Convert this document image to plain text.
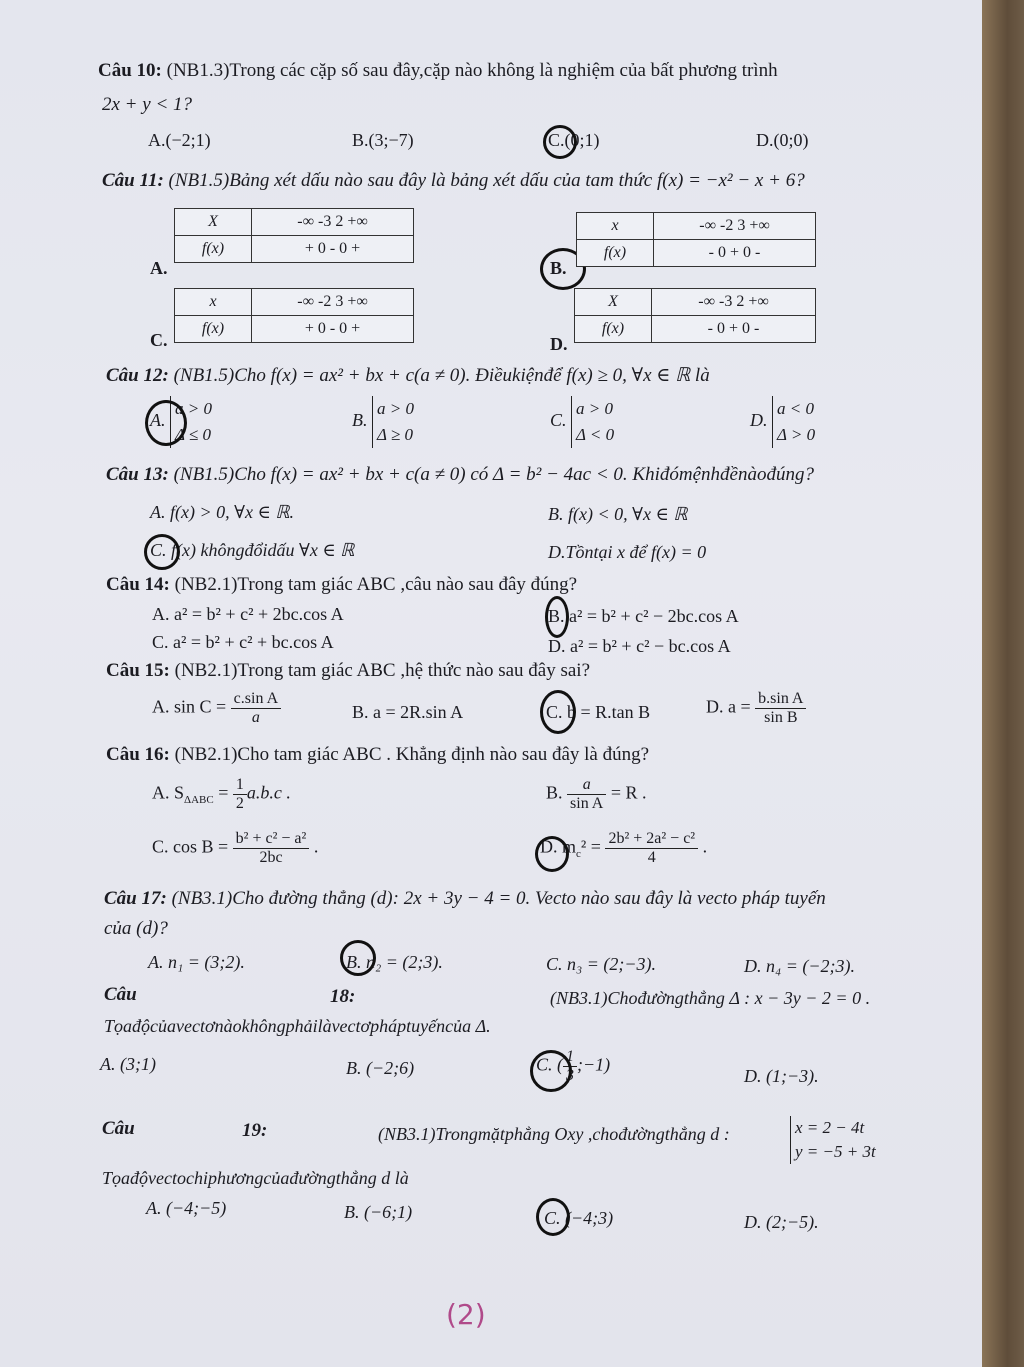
Câu 10: (NB1.3)Trong các cặp số sau đây,cặp nào không là nghiệm của bất phương trình
2x + y < 1?
A.(−2;1)	B.(3;−7)	C.(0;1)	D.(0;0)
Câu 11: (NB1.5)Bảng xét dấu nào sau đây là bảng xét dấu của tam thức f(x) = −x² − x + 6?
A.
X	-∞ -3 2 +∞
f(x)	+ 0 - 0 +
B.
x	-∞ -2 3 +∞
f(x)	- 0 + 0 -
C.
x	-∞ -2 3 +∞
f(x)	+ 0 - 0 +
D.
X	-∞ -3 2 +∞
f(x)	- 0 + 0 -
Câu 12: (NB1.5)Cho f(x) = ax² + bx + c(a ≠ 0). Điềukiệnđể f(x) ≥ 0, ∀x ∈ ℝ là
A. a > 0
Δ ≤ 0
B. a > 0
Δ ≥ 0
C. a > 0
Δ < 0
D. a < 0
Δ > 0
Câu 13: (NB1.5)Cho f(x) = ax² + bx + c(a ≠ 0) có Δ = b² − 4ac < 0. Khiđómệnhđềnàođúng?
A. f(x) > 0, ∀x ∈ ℝ.	B. f(x) < 0, ∀x ∈ ℝ
C. f(x) khôngđổidấu ∀x ∈ ℝ	D.Tồntại x để f(x) = 0
Câu 14: (NB2.1)Trong tam giác ABC ,câu nào sau đây đúng?
A. a² = b² + c² + 2bc.cos A	B. a² = b² + c² − 2bc.cos A
C. a² = b² + c² + bc.cos A	D. a² = b² + c² − bc.cos A
Câu 15: (NB2.1)Trong tam giác ABC ,hệ thức nào sau đây sai?
A. $\sin C = \frac{\text{c.sin A}}{a}$	B. a = 2R.sin A	C. b = R.tan B	D. $a = \frac{\text{b.sin A}}{\text{sin B}}$
Câu 16: (NB2.1)Cho tam giác ABC . Khẳng định nào sau đây là đúng?
A. $S_{\Delta ABC} = \frac{1}{2} a.b.c$ .	B. $\frac{a}{\text{sin A}} = R$ .
C. $\cos B = \frac{\text{b² + c² − a²}}{2bc}$ .	D. $m_c^2 = \frac{\text{2b² + 2a² − c²}}{4}$ .
Câu 17: (NB3.1)Cho đường thẳng (d): 2x + 3y − 4 = 0. Vecto nào sau đây là vecto pháp tuyến
của (d)?
A. n₁ = (3;2).	B. n₂ = (2;3).	C. n₃ = (2;−3).	D. n₄ = (−2;3).
Câu	18:	(NB3.1)Chođườngthẳng Δ : x − 3y − 2 = 0 .
Tọađộcủavectơnàokhôngphảilàvectơpháptuyếncủa Δ.
A. (3;1)	B. (−2;6)	C. ( $\frac{1}{3}$ ;−1)
D. (1;−3).
Câu	19:	(NB3.1)Trongmặtphẳng Oxy ,chođườngthẳng d :	x = 2 − 4t
y = −5 + 3t
Tọađộvectochiphươngcủađườngthẳng d là
A. (−4;−5)	B. (−6;1)	C. (−4;3)	D. (2;−5).
(2)
